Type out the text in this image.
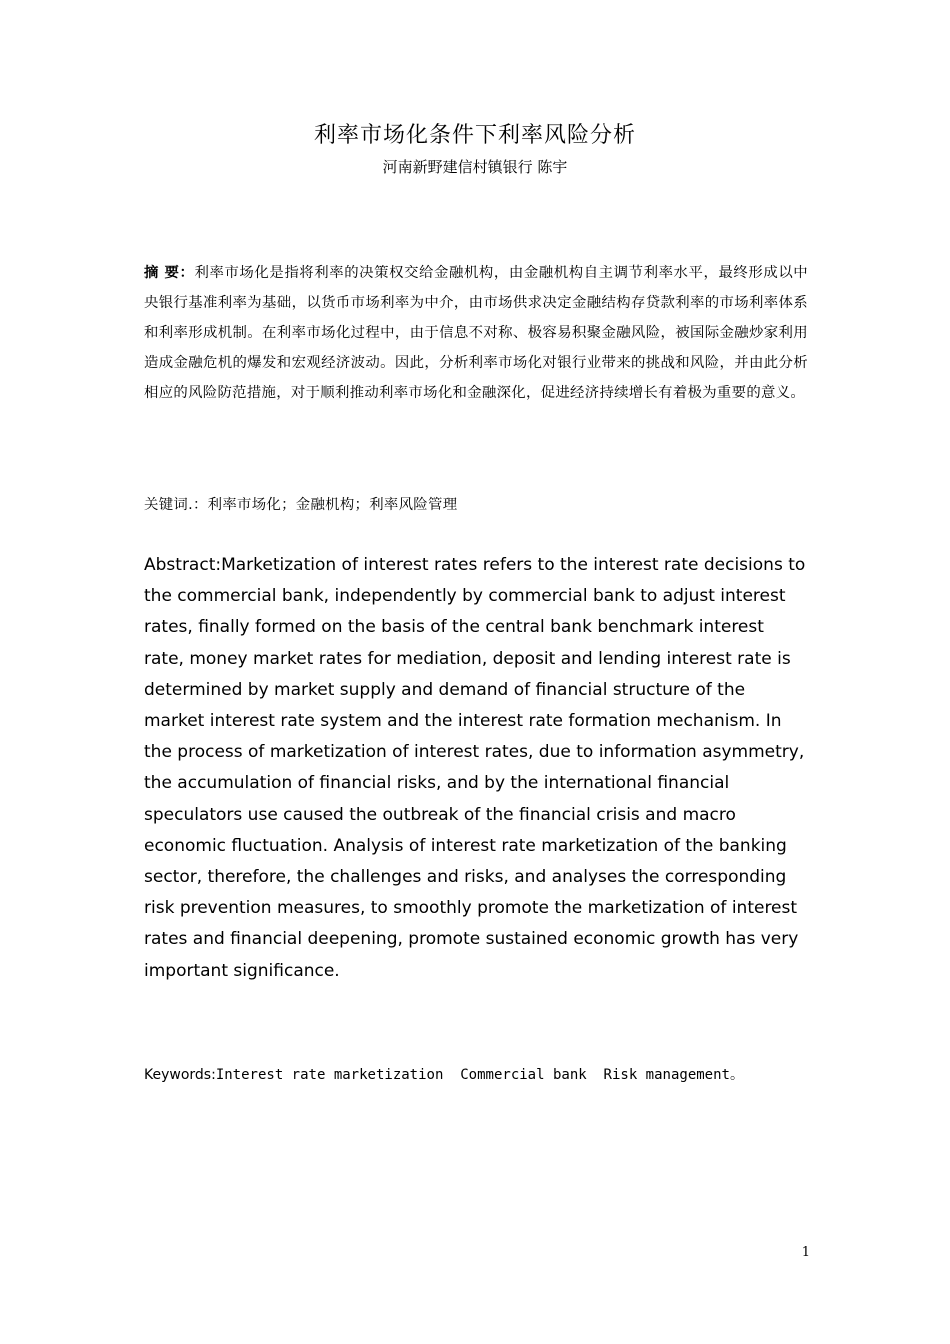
利率市场化条件下利率风险分析
河南新野建信村镇银行 陈宇
摘 要：利率市场化是指将利率的决策权交给金融机构，由金融机构自主调节利率水平，最终形成以中央银行基准利率为基础，以货币市场利率为中介，由市场供求决定金融结构存贷款利率的市场利率体系和利率形成机制。在利率市场化过程中，由于信息不对称、极容易积聚金融风险，被国际金融炒家利用造成金融危机的爆发和宏观经济波动。因此，分析利率市场化对银行业带来的挑战和风险，并由此分析相应的风险防范措施，对于顺利推动利率市场化和金融深化，促进经济持续增长有着极为重要的意义。
关键词.：利率市场化；金融机构；利率风险管理
Abstract:Marketization of interest rates refers to the interest rate decisions to the commercial bank, independently by commercial bank to adjust interest rates, finally formed on the basis of the central bank benchmark interest rate, money market rates for mediation, deposit and lending interest rate is determined by market supply and demand of financial structure of the market interest rate system and the interest rate formation mechanism. In the process of marketization of interest rates, due to information asymmetry, the accumulation of financial risks, and by the international financial speculators use caused the outbreak of the financial crisis and macro economic fluctuation. Analysis of interest rate marketization of the banking sector, therefore, the challenges and risks, and analyses the corresponding risk prevention measures, to smoothly promote the marketization of interest rates and financial deepening, promote sustained economic growth has very important significance.
Keywords:Interest rate marketization  Commercial bank  Risk management。
1
